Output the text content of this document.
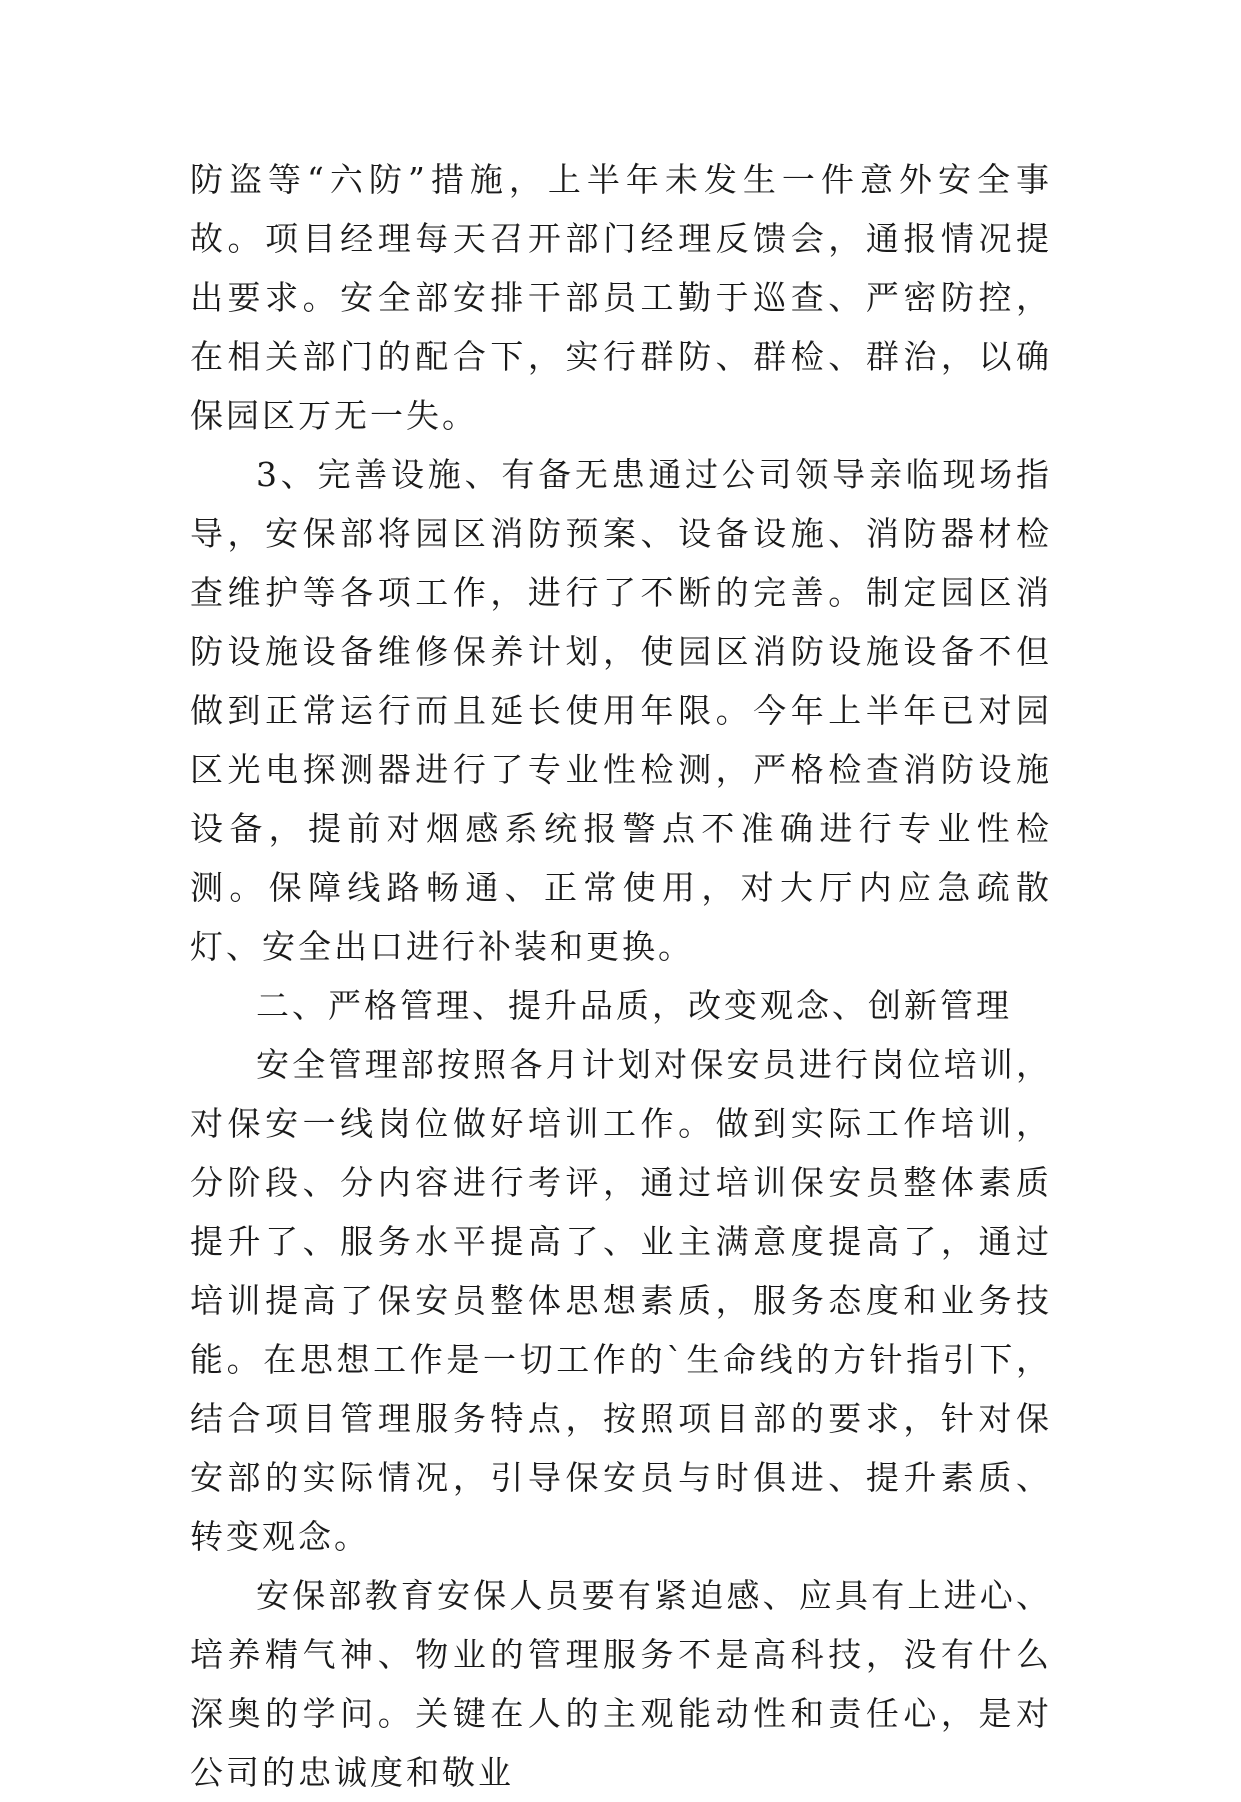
防盗等“六防”措施，上半年未发生一件意外安全事故。项目经理每天召开部门经理反馈会，通报情况提出要求。安全部安排干部员工勤于巡查、严密防控，在相关部门的配合下，实行群防、群检、群治，以确保园区万无一失。

3、完善设施、有备无患通过公司领导亲临现场指导，安保部将园区消防预案、设备设施、消防器材检查维护等各项工作，进行了不断的完善。制定园区消防设施设备维修保养计划，使园区消防设施设备不但做到正常运行而且延长使用年限。今年上半年已对园区光电探测器进行了专业性检测，严格检查消防设施设备，提前对烟感系统报警点不准确进行专业性检测。保障线路畅通、正常使用，对大厅内应急疏散灯、安全出口进行补装和更换。

二、严格管理、提升品质，改变观念、创新管理

安全管理部按照各月计划对保安员进行岗位培训，对保安一线岗位做好培训工作。做到实际工作培训，分阶段、分内容进行考评，通过培训保安员整体素质提升了、服务水平提高了、业主满意度提高了，通过培训提高了保安员整体思想素质，服务态度和业务技能。在思想工作是一切工作的`生命线的方针指引下，结合项目管理服务特点，按照项目部的要求，针对保安部的实际情况，引导保安员与时俱进、提升素质、转变观念。

安保部教育安保人员要有紧迫感、应具有上进心、培养精气神、物业的管理服务不是高科技，没有什么深奥的学问。关键在人的主观能动性和责任心，是对公司的忠诚度和敬业
